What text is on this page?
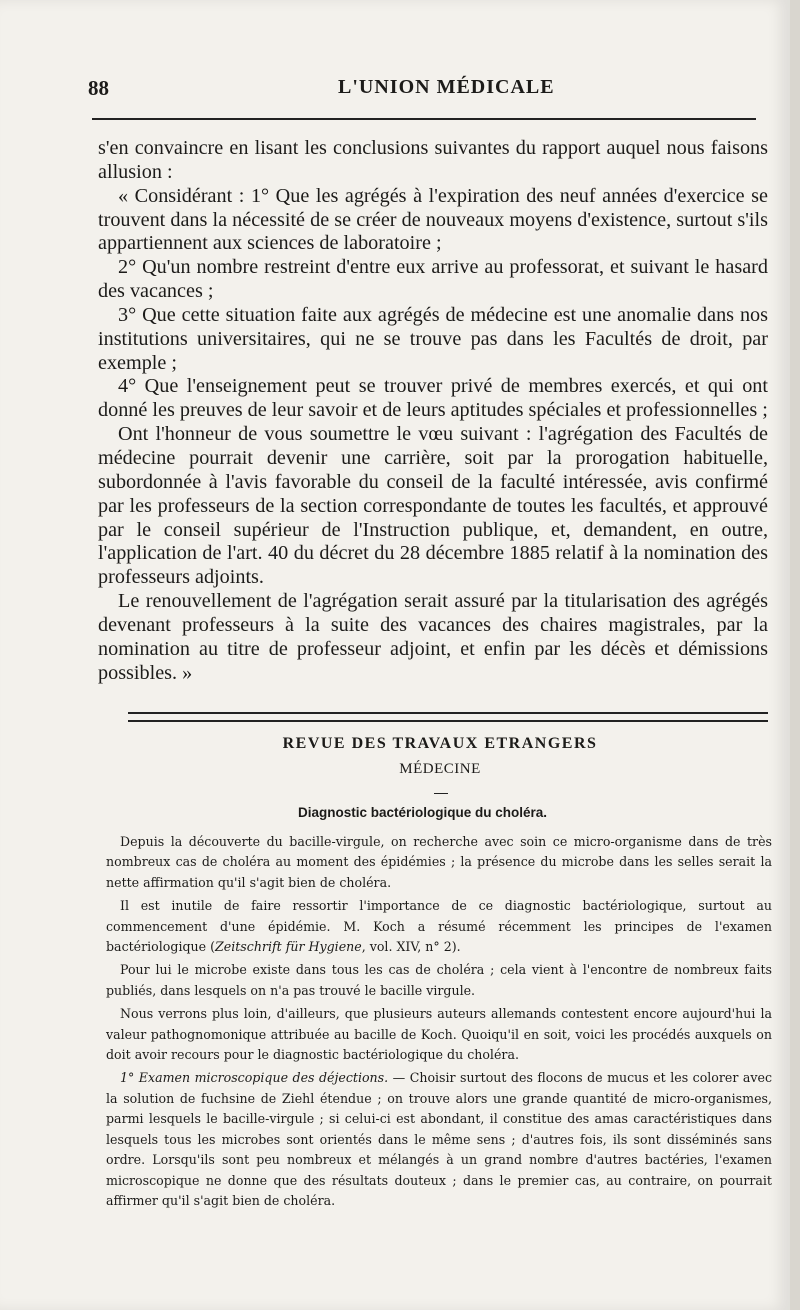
88	L'UNION MÉDICALE

s'en convaincre en lisant les conclusions suivantes du rapport auquel nous faisons allusion :

« Considérant : 1° Que les agrégés à l'expiration des neuf années d'exercice se trouvent dans la nécessité de se créer de nouveaux moyens d'existence, surtout s'ils appartiennent aux sciences de laboratoire ;

2° Qu'un nombre restreint d'entre eux arrive au professorat, et suivant le hasard des vacances ;

3° Que cette situation faite aux agrégés de médecine est une anomalie dans nos institutions universitaires, qui ne se trouve pas dans les Facultés de droit, par exemple ;

4° Que l'enseignement peut se trouver privé de membres exercés, et qui ont donné les preuves de leur savoir et de leurs aptitudes spéciales et professionnelles ;

Ont l'honneur de vous soumettre le vœu suivant : l'agrégation des Facultés de médecine pourrait devenir une carrière, soit par la prorogation habituelle, subordonnée à l'avis favorable du conseil de la faculté intéressée, avis confirmé par les professeurs de la section correspondante de toutes les facultés, et approuvé par le conseil supérieur de l'Instruction publique, et, demandent, en outre, l'application de l'art. 40 du décret du 28 décembre 1885 relatif à la nomination des professeurs adjoints.

Le renouvellement de l'agrégation serait assuré par la titularisation des agrégés devenant professeurs à la suite des vacances des chaires magistrales, par la nomination au titre de professeur adjoint, et enfin par les décès et démissions possibles. »

REVUE DES TRAVAUX ETRANGERS
MÉDECINE
Diagnostic bactériologique du choléra.

Depuis la découverte du bacille-virgule, on recherche avec soin ce micro-organisme dans de très nombreux cas de choléra au moment des épidémies ; la présence du microbe dans les selles serait la nette affirmation qu'il s'agit bien de choléra.

Il est inutile de faire ressortir l'importance de ce diagnostic bactériologique, surtout au commencement d'une épidémie. M. Koch a résumé récemment les principes de l'examen bactériologique (Zeitschrift für Hygiene, vol. XIV, n° 2).

Pour lui le microbe existe dans tous les cas de choléra ; cela vient à l'encontre de nombreux faits publiés, dans lesquels on n'a pas trouvé le bacille virgule.

Nous verrons plus loin, d'ailleurs, que plusieurs auteurs allemands contestent encore aujourd'hui la valeur pathognomonique attribuée au bacille de Koch. Quoiqu'il en soit, voici les procédés auxquels on doit avoir recours pour le diagnostic bactériologique du choléra.

1° Examen microscopique des déjections. — Choisir surtout des flocons de mucus et les colorer avec la solution de fuchsine de Ziehl étendue ; on trouve alors une grande quantité de micro-organismes, parmi lesquels le bacille-virgule ; si celui-ci est abondant, il constitue des amas caractéristiques dans lesquels tous les microbes sont orientés dans le même sens ; d'autres fois, ils sont disséminés sans ordre. Lorsqu'ils sont peu nombreux et mélangés à un grand nombre d'autres bactéries, l'examen microscopique ne donne que des résultats douteux ; dans le premier cas, au contraire, on pourrait affirmer qu'il s'agit bien de choléra.
